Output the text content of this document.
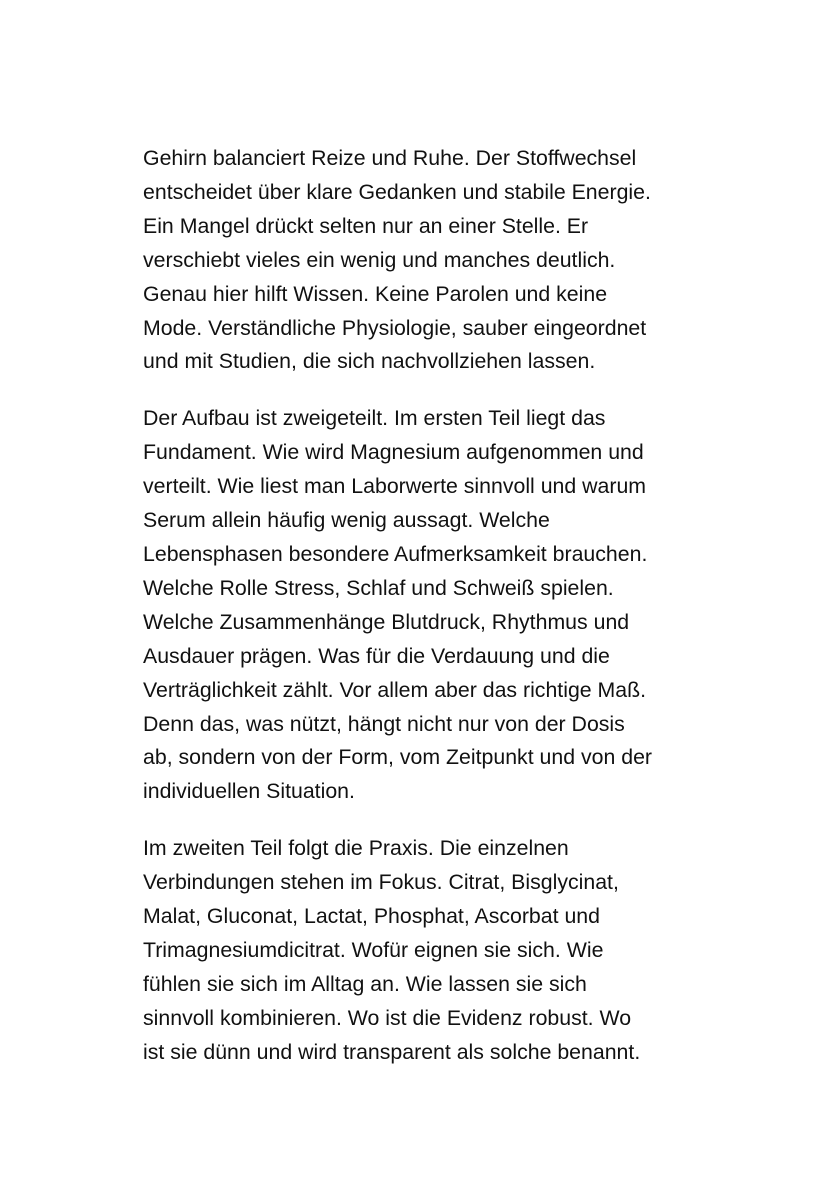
Gehirn balanciert Reize und Ruhe. Der Stoffwechsel
entscheidet über klare Gedanken und stabile Energie.
Ein Mangel drückt selten nur an einer Stelle. Er
verschiebt vieles ein wenig und manches deutlich.
Genau hier hilft Wissen. Keine Parolen und keine
Mode. Verständliche Physiologie, sauber eingeordnet
und mit Studien, die sich nachvollziehen lassen.

Der Aufbau ist zweigeteilt. Im ersten Teil liegt das
Fundament. Wie wird Magnesium aufgenommen und
verteilt. Wie liest man Laborwerte sinnvoll und warum
Serum allein häufig wenig aussagt. Welche
Lebensphasen besondere Aufmerksamkeit brauchen.
Welche Rolle Stress, Schlaf und Schweiß spielen.
Welche Zusammenhänge Blutdruck, Rhythmus und
Ausdauer prägen. Was für die Verdauung und die
Verträglichkeit zählt. Vor allem aber das richtige Maß.
Denn das, was nützt, hängt nicht nur von der Dosis
ab, sondern von der Form, vom Zeitpunkt und von der
individuellen Situation.

Im zweiten Teil folgt die Praxis. Die einzelnen
Verbindungen stehen im Fokus. Citrat, Bisglycinat,
Malat, Gluconat, Lactat, Phosphat, Ascorbat und
Trimagnesiumdicitrat. Wofür eignen sie sich. Wie
fühlen sie sich im Alltag an. Wie lassen sie sich
sinnvoll kombinieren. Wo ist die Evidenz robust. Wo
ist sie dünn und wird transparent als solche benannt.
